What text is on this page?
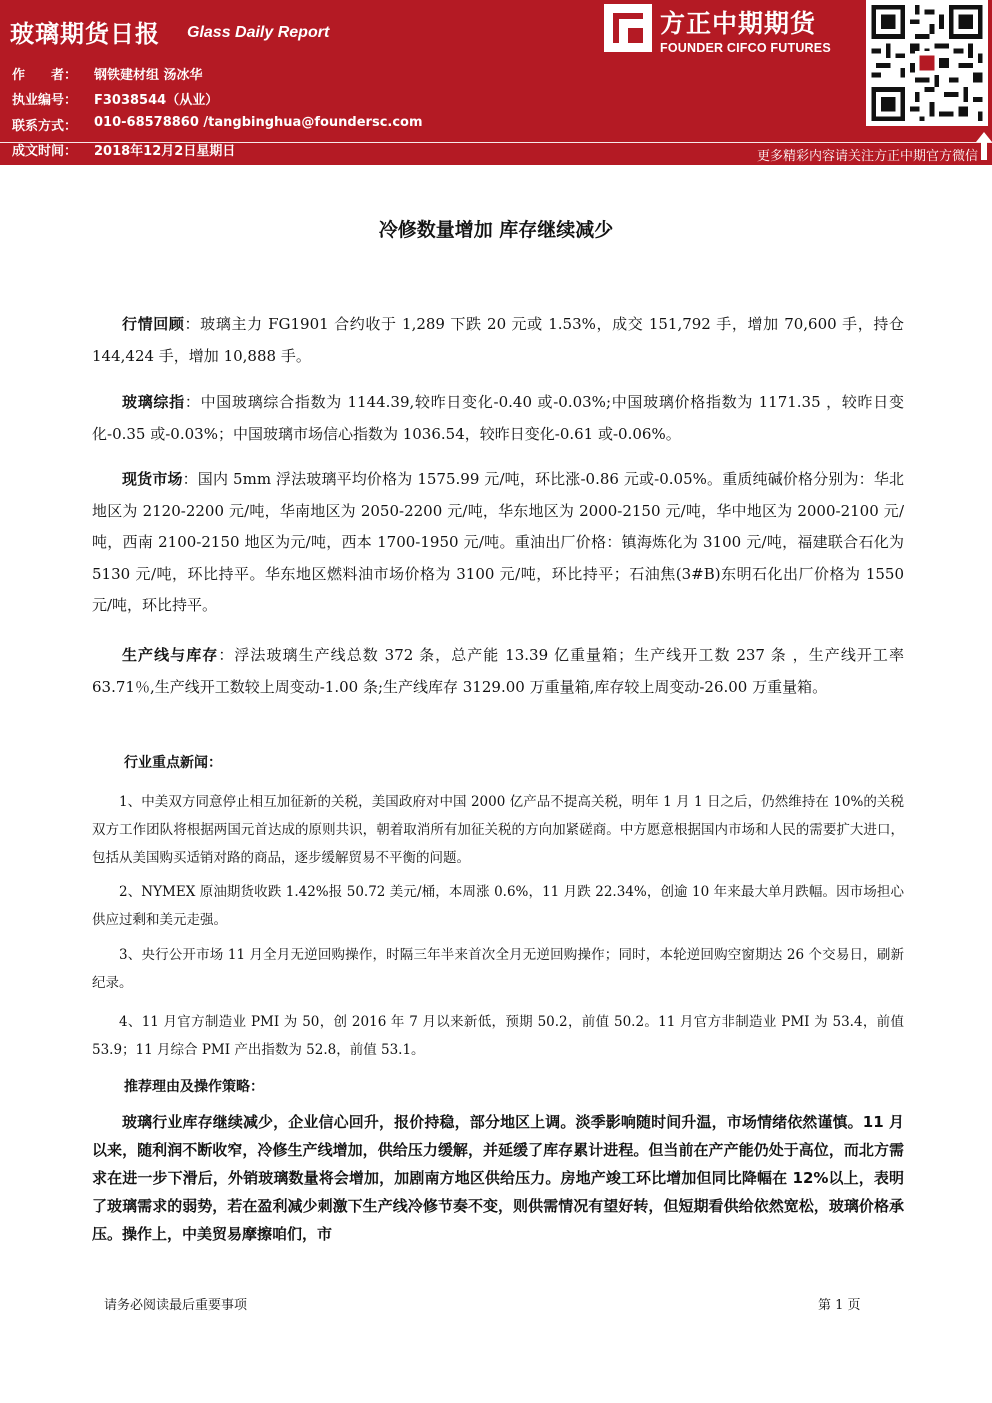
玻璃期货日报 Glass Daily Report
作　　者： 钢铁建材组 汤冰华
执业编号： F3038544（从业）
联系方式： 010-68578860 /tangbinghua@foundersc.com
成文时间： 2018年12月2日星期日	更多精彩内容请关注方正中期官方微信
方正中期期货
FOUNDER CIFCO FUTURES
冷修数量增加 库存继续减少
行情回顾：玻璃主力 FG1901 合约收于 1,289 下跌 20 元或 1.53%，成交 151,792 手，增加 70,600 手，持仓 144,424 手，增加 10,888 手。
玻璃综指：中国玻璃综合指数为 1144.39,较昨日变化-0.40 或-0.03%;中国玻璃价格指数为 1171.35 ，较昨日变化-0.35 或-0.03%；中国玻璃市场信心指数为 1036.54，较昨日变化-0.61 或-0.06%。
现货市场：国内 5mm 浮法玻璃平均价格为 1575.99 元/吨，环比涨-0.86 元或-0.05%。重质纯碱价格分别为：华北地区为 2120-2200 元/吨，华南地区为 2050-2200 元/吨，华东地区为 2000-2150 元/吨，华中地区为 2000-2100 元/吨，西南 2100-2150 地区为元/吨，西本 1700-1950 元/吨。重油出厂价格：镇海炼化为 3100 元/吨，福建联合石化为 5130 元/吨，环比持平。华东地区燃料油市场价格为 3100 元/吨，环比持平；石油焦(3#B)东明石化出厂价格为 1550 元/吨，环比持平。
生产线与库存：浮法玻璃生产线总数 372 条，总产能 13.39 亿重量箱；生产线开工数 237 条 ，生产线开工率 63.71％,生产线开工数较上周变动-1.00 条;生产线库存 3129.00 万重量箱,库存较上周变动-26.00 万重量箱。
行业重点新闻：
1、中美双方同意停止相互加征新的关税，美国政府对中国 2000 亿产品不提高关税，明年 1 月 1 日之后，仍然维持在 10%的关税双方工作团队将根据两国元首达成的原则共识，朝着取消所有加征关税的方向加紧磋商。中方愿意根据国内市场和人民的需要扩大进口，包括从美国购买适销对路的商品，逐步缓解贸易不平衡的问题。
2、NYMEX 原油期货收跌 1.42%报 50.72 美元/桶，本周涨 0.6%，11 月跌 22.34%，创逾 10 年来最大单月跌幅。因市场担心供应过剩和美元走强。
3、央行公开市场 11 月全月无逆回购操作，时隔三年半来首次全月无逆回购操作；同时，本轮逆回购空窗期达 26 个交易日，刷新纪录。
4、11 月官方制造业 PMI 为 50，创 2016 年 7 月以来新低，预期 50.2，前值 50.2。11 月官方非制造业 PMI 为 53.4，前值 53.9；11 月综合 PMI 产出指数为 52.8，前值 53.1。
推荐理由及操作策略：
玻璃行业库存继续减少，企业信心回升，报价持稳，部分地区上调。淡季影响随时间升温，市场情绪依然谨慎。11 月以来，随利润不断收窄，冷修生产线增加，供给压力缓解，并延缓了库存累计进程。但当前在产产能仍处于高位，而北方需求在进一步下滑后，外销玻璃数量将会增加，加剧南方地区供给压力。房地产竣工环比增加但同比降幅在 12%以上，表明了玻璃需求的弱势，若在盈利减少刺激下生产线冷修节奏不变，则供需情况有望好转，但短期看供给依然宽松，玻璃价格承压。操作上，中美贸易摩擦咱们，市
请务必阅读最后重要事项	第 1 页
